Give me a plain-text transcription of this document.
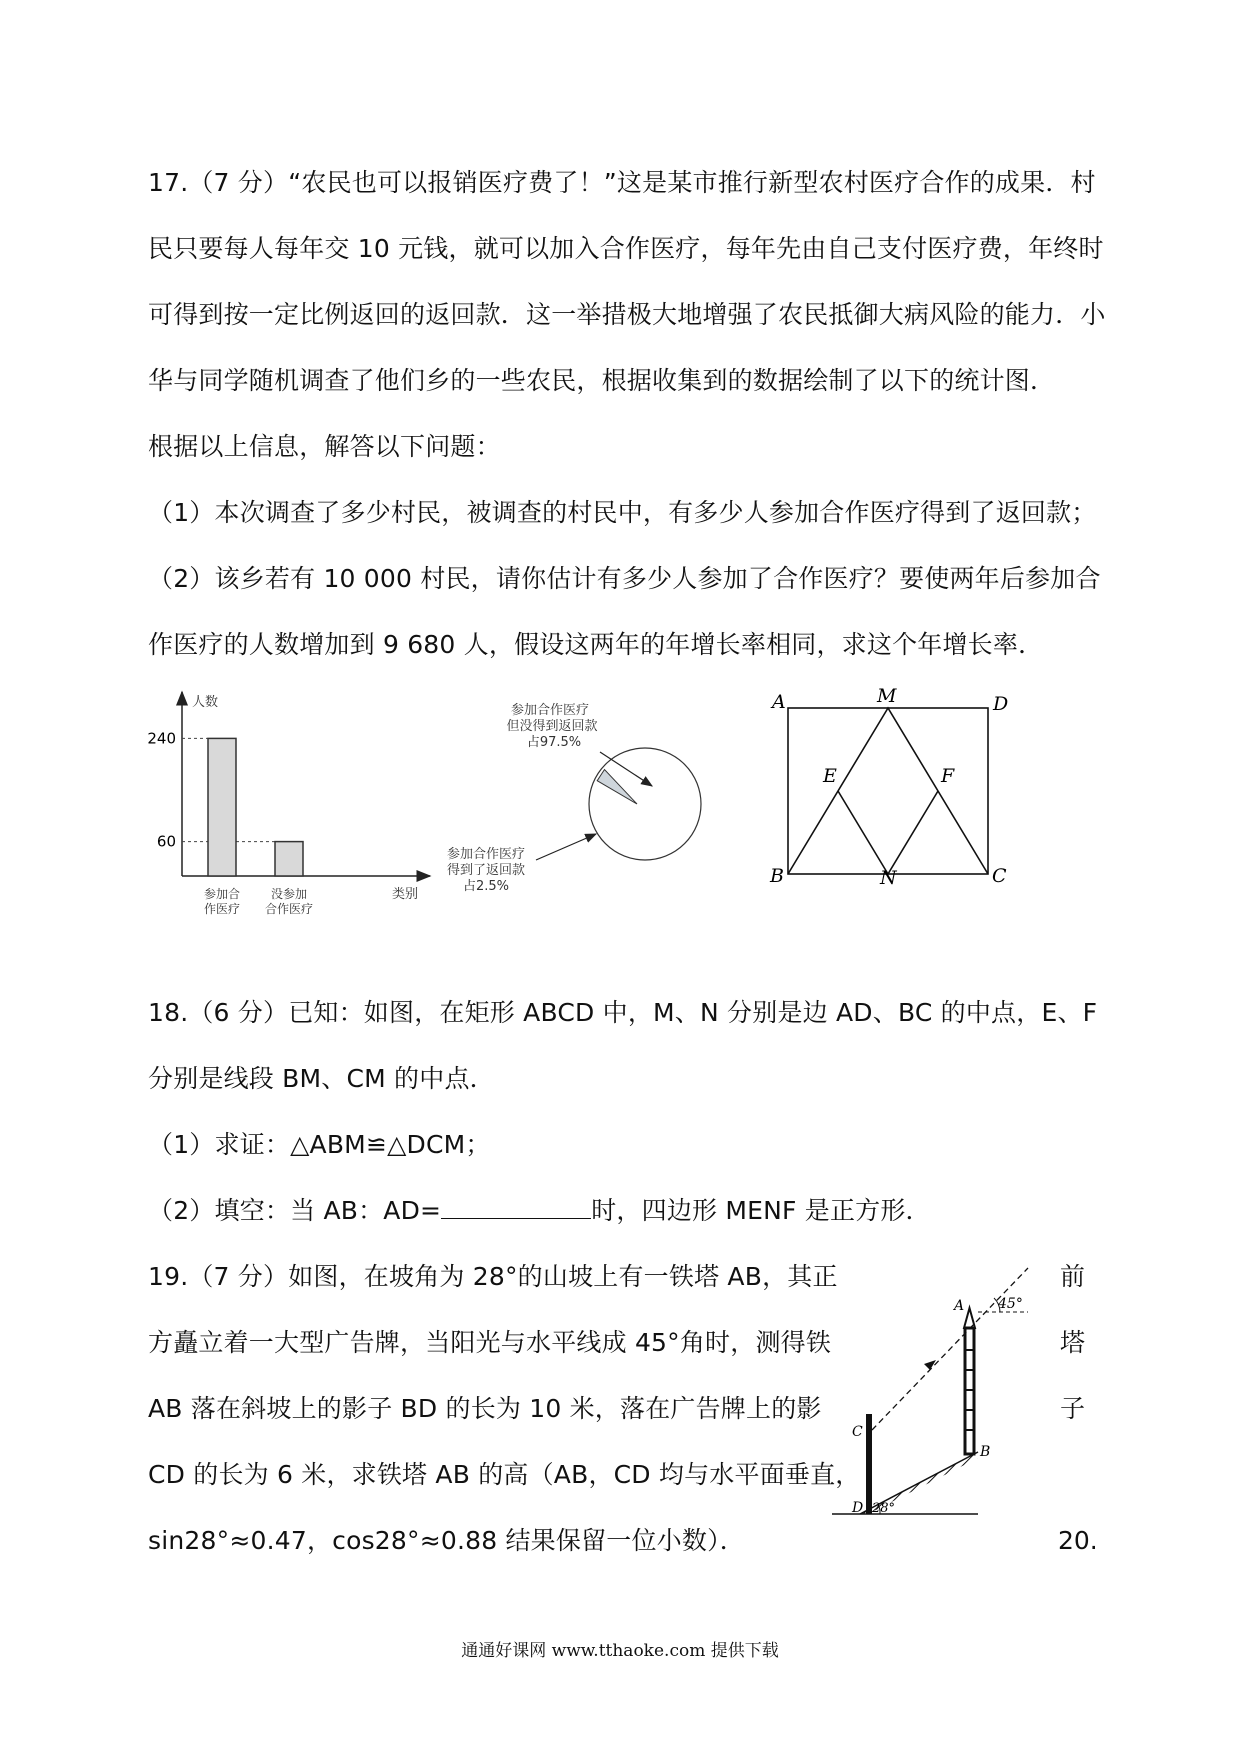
17.（7 分）“农民也可以报销医疗费了！”这是某市推行新型农村医疗合作的成果．村
民只要每人每年交 10 元钱，就可以加入合作医疗，每年先由自己支付医疗费，年终时
可得到按一定比例返回的返回款．这一举措极大地增强了农民抵御大病风险的能力．小
华与同学随机调查了他们乡的一些农民，根据收集到的数据绘制了以下的统计图．
根据以上信息，解答以下问题：
（1）本次调查了多少村民，被调查的村民中，有多少人参加合作医疗得到了返回款；
（2）该乡若有 10 000 村民，请你估计有多少人参加了合作医疗？要使两年后参加合
作医疗的人数增加到 9 680 人，假设这两年的年增长率相同，求这个年增长率．
人数
类别
60
240
参加合
作医疗
没参加
合作医疗
参加合作医疗
但没得到返回款
占97.5%
参加合作医疗
得到了返回款
占2.5%
A	M	D
E	F
B	N	C
18.（6 分）已知：如图，在矩形 ABCD 中，M、N 分别是边 AD、BC 的中点，E、F
分别是线段 BM、CM 的中点．
（1）求证：△ABM≌△DCM；
（2）填空：当 AB：AD=	时，四边形 MENF 是正方形．
19.（7 分）如图，在坡角为 28°的山坡上有一铁塔 AB，其正
方矗立着一大型广告牌，当阳光与水平线成 45°角时，测得铁
AB 落在斜坡上的影子 BD 的长为 10 米，落在广告牌上的影
CD 的长为 6 米，求铁塔 AB 的高（AB，CD 均与水平面垂直，
sin28°≈0.47，cos28°≈0.88 结果保留一位小数）．
前
塔
子
20.
28°
45°
A
B
C
D
通通好课网 www.tthaoke.com 提供下载
